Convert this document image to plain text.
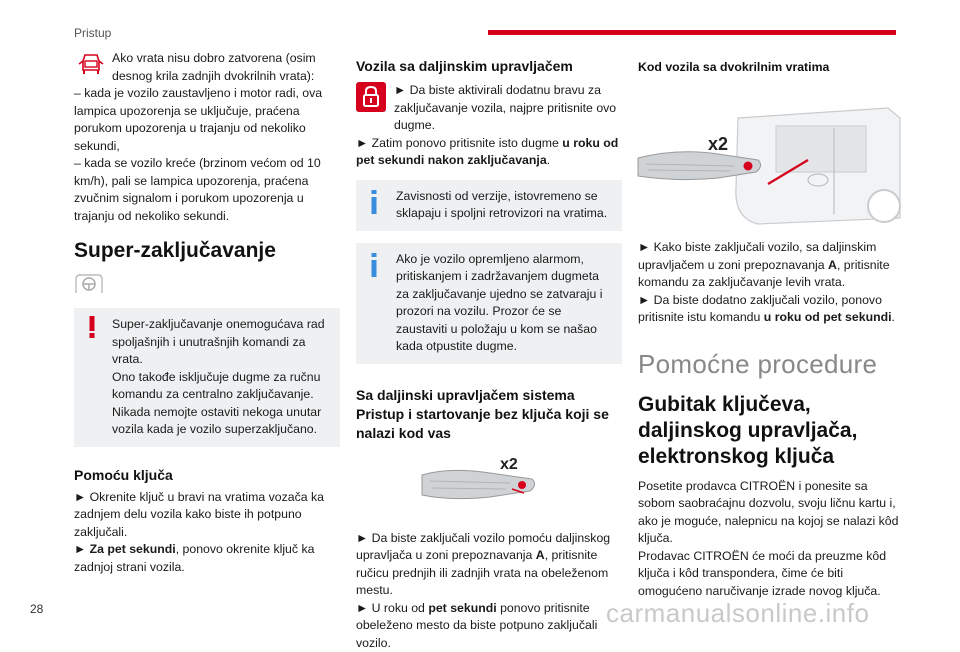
Pristup

Ako vrata nisu dobro zatvorena (osim desnog krila zadnjih dvokrilnih vrata):

– kada je vozilo zaustavljeno i motor radi, ova lampica upozorenja se uključuje, praćena porukom upozorenja u trajanju od nekoliko sekundi,

– kada se vozilo kreće (brzinom većom od 10 km/h), pali se lampica upozorenja, praćena zvučnim signalom i porukom upozorenja u trajanju od nekoliko sekundi.

Super-zaključavanje

Super-zaključavanje onemogućava rad spoljašnjih i unutrašnjih komandi za vrata.

Ono takođe isključuje dugme za ručnu komandu za centralno zaključavanje.

Nikada nemojte ostaviti nekoga unutar vozila kada je vozilo superzaključano.

Pomoću ključa

► Okrenite ključ u bravi na vratima vozača ka zadnjem delu vozila kako biste ih potpuno zaključali.

► Za pet sekundi, ponovo okrenite ključ ka zadnjoj strani vozila.

Vozila sa daljinskim upravljačem

► Da biste aktivirali dodatnu bravu za zaključavanje vozila, najpre pritisnite ovo dugme.

► Zatim ponovo pritisnite isto dugme u roku od pet sekundi nakon zaključavanja.

Zavisnosti od verzije, istovremeno se sklapaju i spoljni retrovizori na vratima.

Ako je vozilo opremljeno alarmom, pritiskanjem i zadržavanjem dugmeta za zaključavanje ujedno se zatvaraju i prozori na vozilu. Prozor će se zaustaviti u položaju u kom se našao kada otpustite dugme.

Sa daljinski upravljačem sistema Pristup i startovanje bez ključa koji se nalazi kod vas
x2

► Da biste zaključali vozilo pomoću daljinskog upravljača u zoni prepoznavanja A, pritisnite ručicu prednjih ili zadnjih vrata na obeleženom mestu.

► U roku od pet sekundi ponovo pritisnite obeleženo mesto da biste potpuno zaključali vozilo.

Kod vozila sa dvokrilnim vratima
x2

► Kako biste zaključali vozilo, sa daljinskim upravljačem u zoni prepoznavanja A, pritisnite komandu za zaključavanje levih vrata.

► Da biste dodatno zaključali vozilo, ponovo pritisnite istu komandu u roku od pet sekundi.

Pomoćne procedure
Gubitak ključeva, daljinskog upravljača, elektronskog ključa

Posetite prodavca CITROËN i ponesite sa sobom saobraćajnu dozvolu, svoju ličnu kartu i, ako je moguće, nalepnicu na kojoj se nalazi kôd ključa.

Prodavac CITROËN će moći da preuzme kôd ključa i kôd transpondera, čime će biti omogućeno naručivanje izrade novog ključa.

28	carmanualsonline.info
